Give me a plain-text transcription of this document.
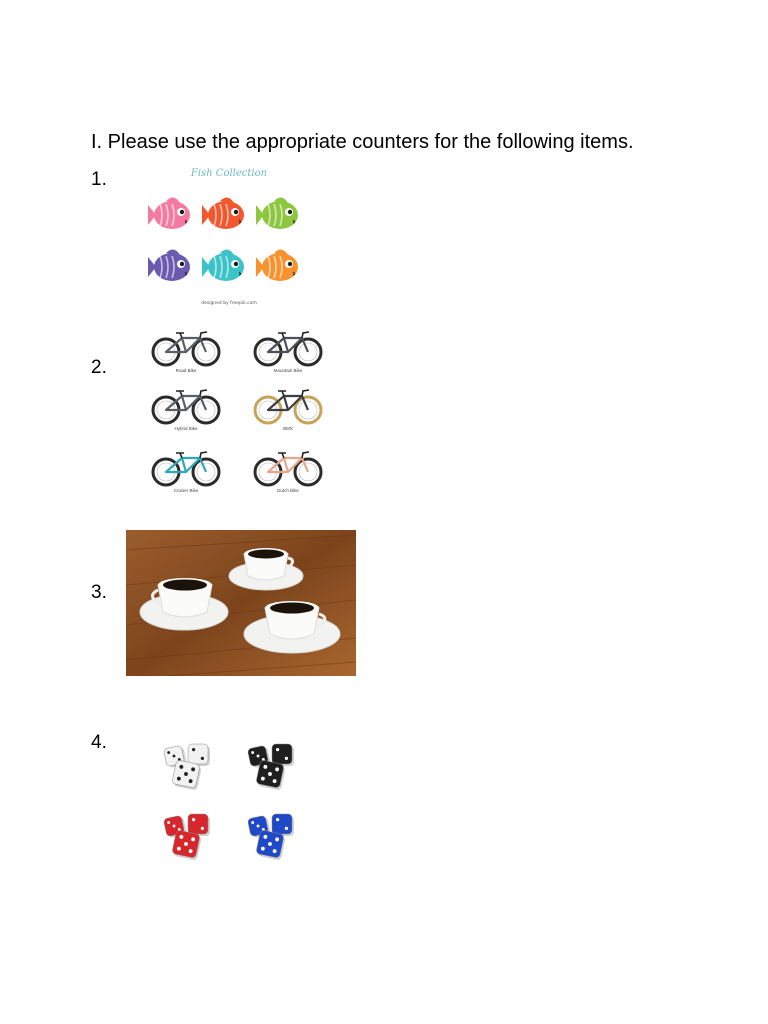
I. Please use the appropriate counters for the following items.
1.	Fish Collection
designed by freepik.com
2.	Road Bike	Mountain Bike
Hybrid Bike	BMX
Cruiser Bike	Dutch Bike
3.
4.
